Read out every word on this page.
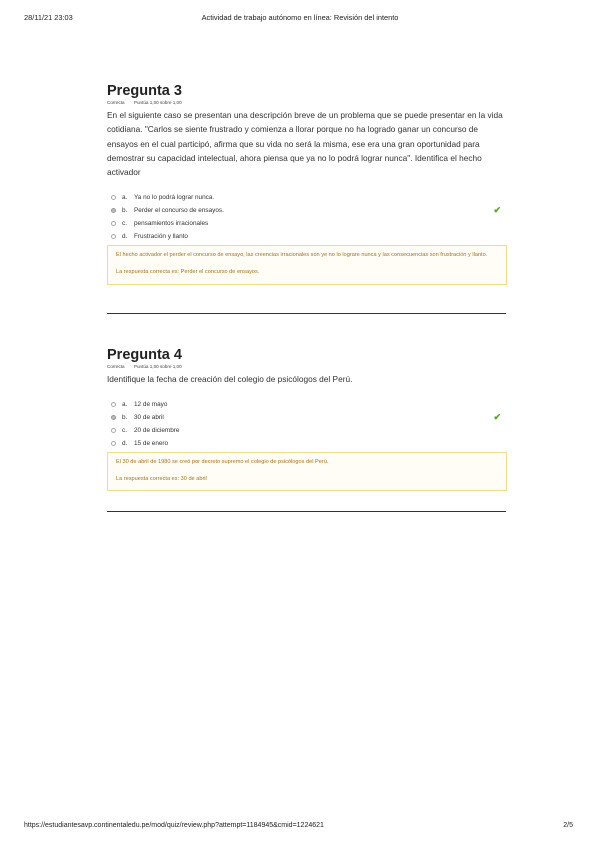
28/11/21 23:03	Actividad de trabajo autónomo en línea: Revisión del intento
Pregunta 3
Correcta Puntúa 1,00 sobre 1,00
En el siguiente caso se presentan una descripción breve de un problema que se puede presentar en la vida cotidiana. "Carlos se siente frustrado y comienza a llorar porque no ha logrado ganar un concurso de ensayos en el cual participó, afirma que su vida no será la misma, ese era una gran oportunidad para demostrar su capacidad intelectual, ahora piensa que ya no lo podrá lograr nunca". Identifica el hecho activador
a.	Ya no lo podrá lograr nunca.
b.	Perder el concurso de ensayos.	✔
c.	pensamientos irracionales
d.	Frustración y llanto

El hecho activador el perder el concurso de ensayo, las creencias irracionales son ye no lo lograre nunca y las consecuencias son frustración y llanto.

La respuesta correcta es: Perder el concurso de ensayos.

Pregunta 4
Correcta Puntúa 1,00 sobre 1,00
Identifique la fecha de creación del colegio de psicólogos del Perú.
a.	12 de mayo
b.	30 de abril	✔
c.	20 de diciembre
d.	15 de enero

El 30 de abril de 1980 se creó por decreto supremo el colegio de psicólogos del Perú.

La respuesta correcta es: 30 de abril

https://estudiantesavp.continentaledu.pe/mod/quiz/review.php?attempt=1184945&cmid=1224621	2/5
